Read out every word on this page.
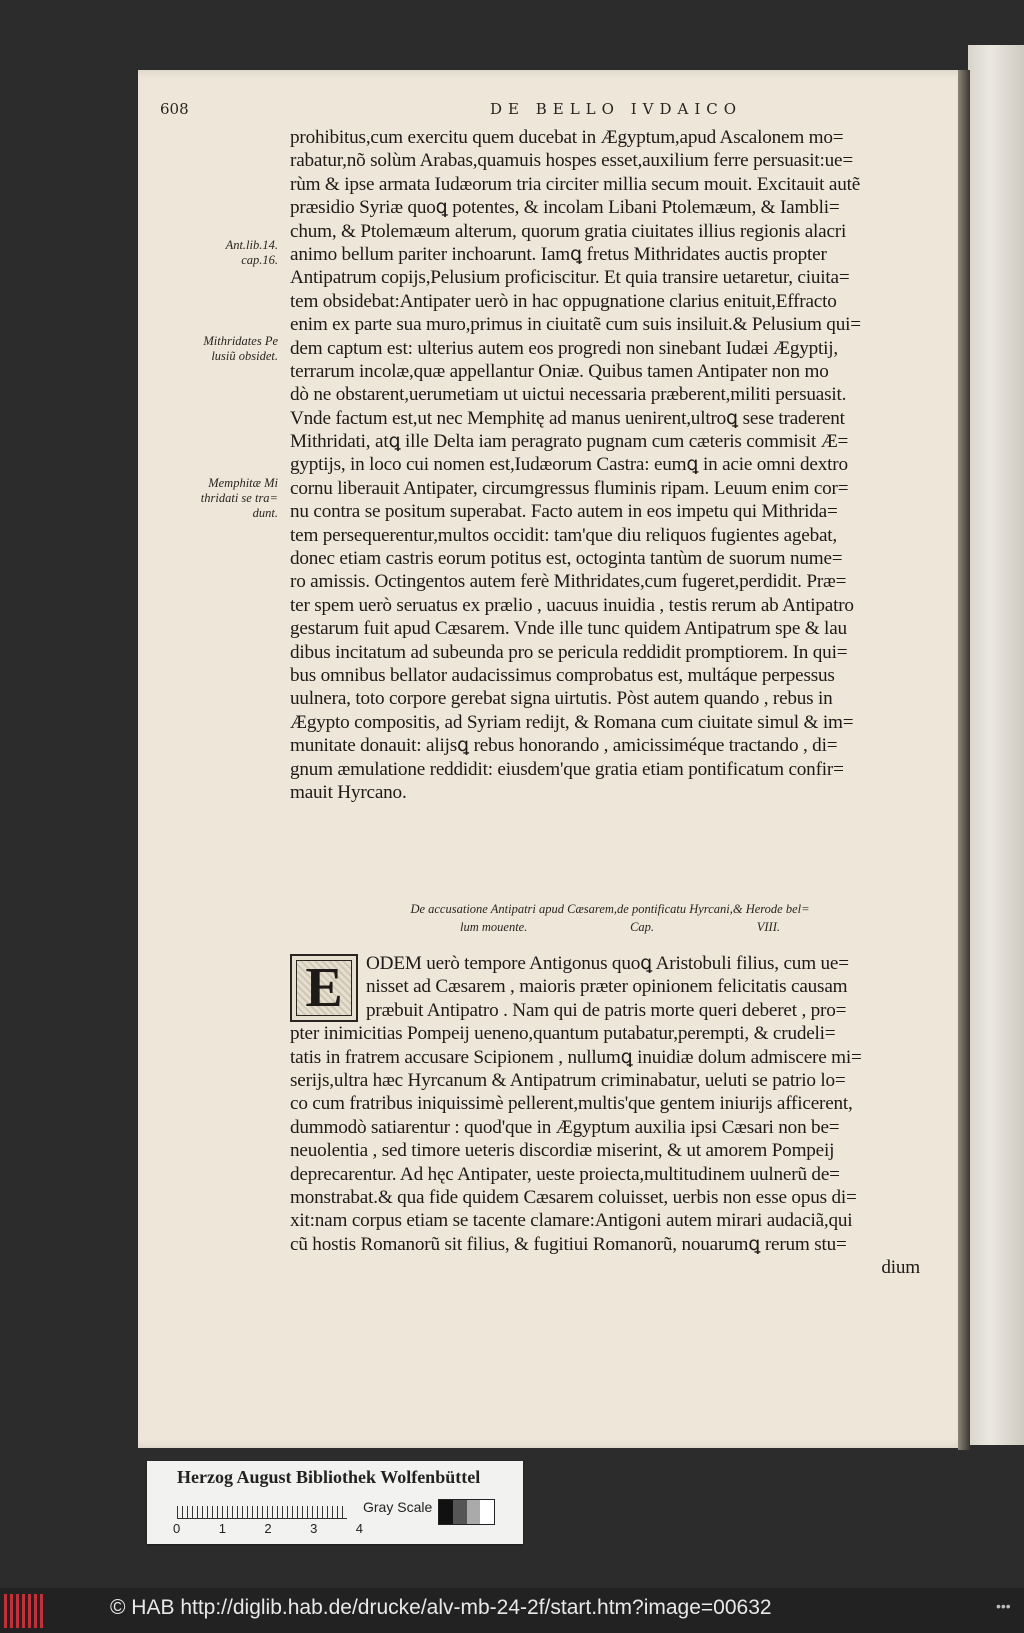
608	DE BELLO IVDAICO
Ant.lib.14.
cap.16.
Mithridates Pe
lusiũ obsidet.
Memphitæ Mi
thridati se tra=
dunt.
prohibitus,cum exercitu quem ducebat in Ægyptum,apud Ascalonem mo=
rabatur,nõ solùm Arabas,quamuis hospes esset,auxilium ferre persuasit:ue=
rùm & ipse armata Iudæorum tria circiter millia secum mouit. Excitauit autẽ
præsidio Syriæ quoꝗ potentes, & incolam Libani Ptolemæum, & Iambli=
chum, & Ptolemæum alterum, quorum gratia ciuitates illius regionis alacri
animo bellum pariter inchoarunt. Iamꝗ fretus Mithridates auctis propter
Antipatrum copijs,Pelusium proficiscitur. Et quia transire uetaretur, ciuita=
tem obsidebat:Antipater uerò in hac oppugnatione clarius enituit,Effracto
enim ex parte sua muro,primus in ciuitatẽ cum suis insiluit.& Pelusium qui=
dem captum est: ulterius autem eos progredi non sinebant Iudæi Ægyptij,
terrarum incolæ,quæ appellantur Oniæ. Quibus tamen Antipater non mo
dò ne obstarent,uerumetiam ut uictui necessaria præberent,militi persuasit.
Vnde factum est,ut nec Memphitę ad manus uenirent,ultroꝗ sese traderent
Mithridati, atꝗ ille Delta iam peragrato pugnam cum cæteris commisit Æ=
gyptijs, in loco cui nomen est,Iudæorum Castra: eumꝗ in acie omni dextro
cornu liberauit Antipater, circumgressus fluminis ripam. Leuum enim cor=
nu contra se positum superabat. Facto autem in eos impetu qui Mithrida=
tem persequerentur,multos occidit: tam'que diu reliquos fugientes agebat,
donec etiam castris eorum potitus est, octoginta tantùm de suorum nume=
ro amissis. Octingentos autem ferè Mithridates,cum fugeret,perdidit. Præ=
ter spem uerò seruatus ex prælio , uacuus inuidia , testis rerum ab Antipatro
gestarum fuit apud Cæsarem. Vnde ille tunc quidem Antipatrum spe & lau
dibus incitatum ad subeunda pro se pericula reddidit promptiorem. In qui=
bus omnibus bellator audacissimus comprobatus est, multáque perpessus
uulnera, toto corpore gerebat signa uirtutis. Pòst autem quando , rebus in
Ægypto compositis, ad Syriam redijt, & Romana cum ciuitate simul & im=
munitate donauit: alijsꝗ rebus honorando , amicissiméque tractando , di=
gnum æmulatione reddidit: eiusdem'que gratia etiam pontificatum confir=
mauit Hyrcano.
De accusatione Antipatri apud Cæsarem,de pontificatu Hyrcani,& Herode bel=
lum mouente.	Cap.	VIII.
E	ODEM uerò tempore Antigonus quoꝗ Aristobuli filius, cum ue=
nisset ad Cæsarem , maioris præter opinionem felicitatis causam
præbuit Antipatro . Nam qui de patris morte queri deberet , pro=
pter inimicitias Pompeij ueneno,quantum putabatur,perempti, & crudeli=
tatis in fratrem accusare Scipionem , nullumꝗ inuidiæ dolum admiscere mi=
serijs,ultra hæc Hyrcanum & Antipatrum criminabatur, ueluti se patrio lo=
co cum fratribus iniquissimè pellerent,multis'que gentem iniurijs afficerent,
dummodò satiarentur : quod'que in Ægyptum auxilia ipsi Cæsari non be=
neuolentia , sed timore ueteris discordiæ miserint, & ut amorem Pompeij
deprecarentur. Ad hęc Antipater, ueste proiecta,multitudinem uulnerũ de=
monstrabat.& qua fide quidem Cæsarem coluisset, uerbis non esse opus di=
xit:nam corpus etiam se tacente clamare:Antigoni autem mirari audaciã,qui
cũ hostis Romanorũ sit filius, & fugitiui Romanorũ, nouarumꝗ rerum stu=
dium
Herzog August Bibliothek Wolfenbüttel
0	1	2	3	4
Gray Scale
© HAB http://diglib.hab.de/drucke/alv-mb-24-2f/start.htm?image=00632	•••
